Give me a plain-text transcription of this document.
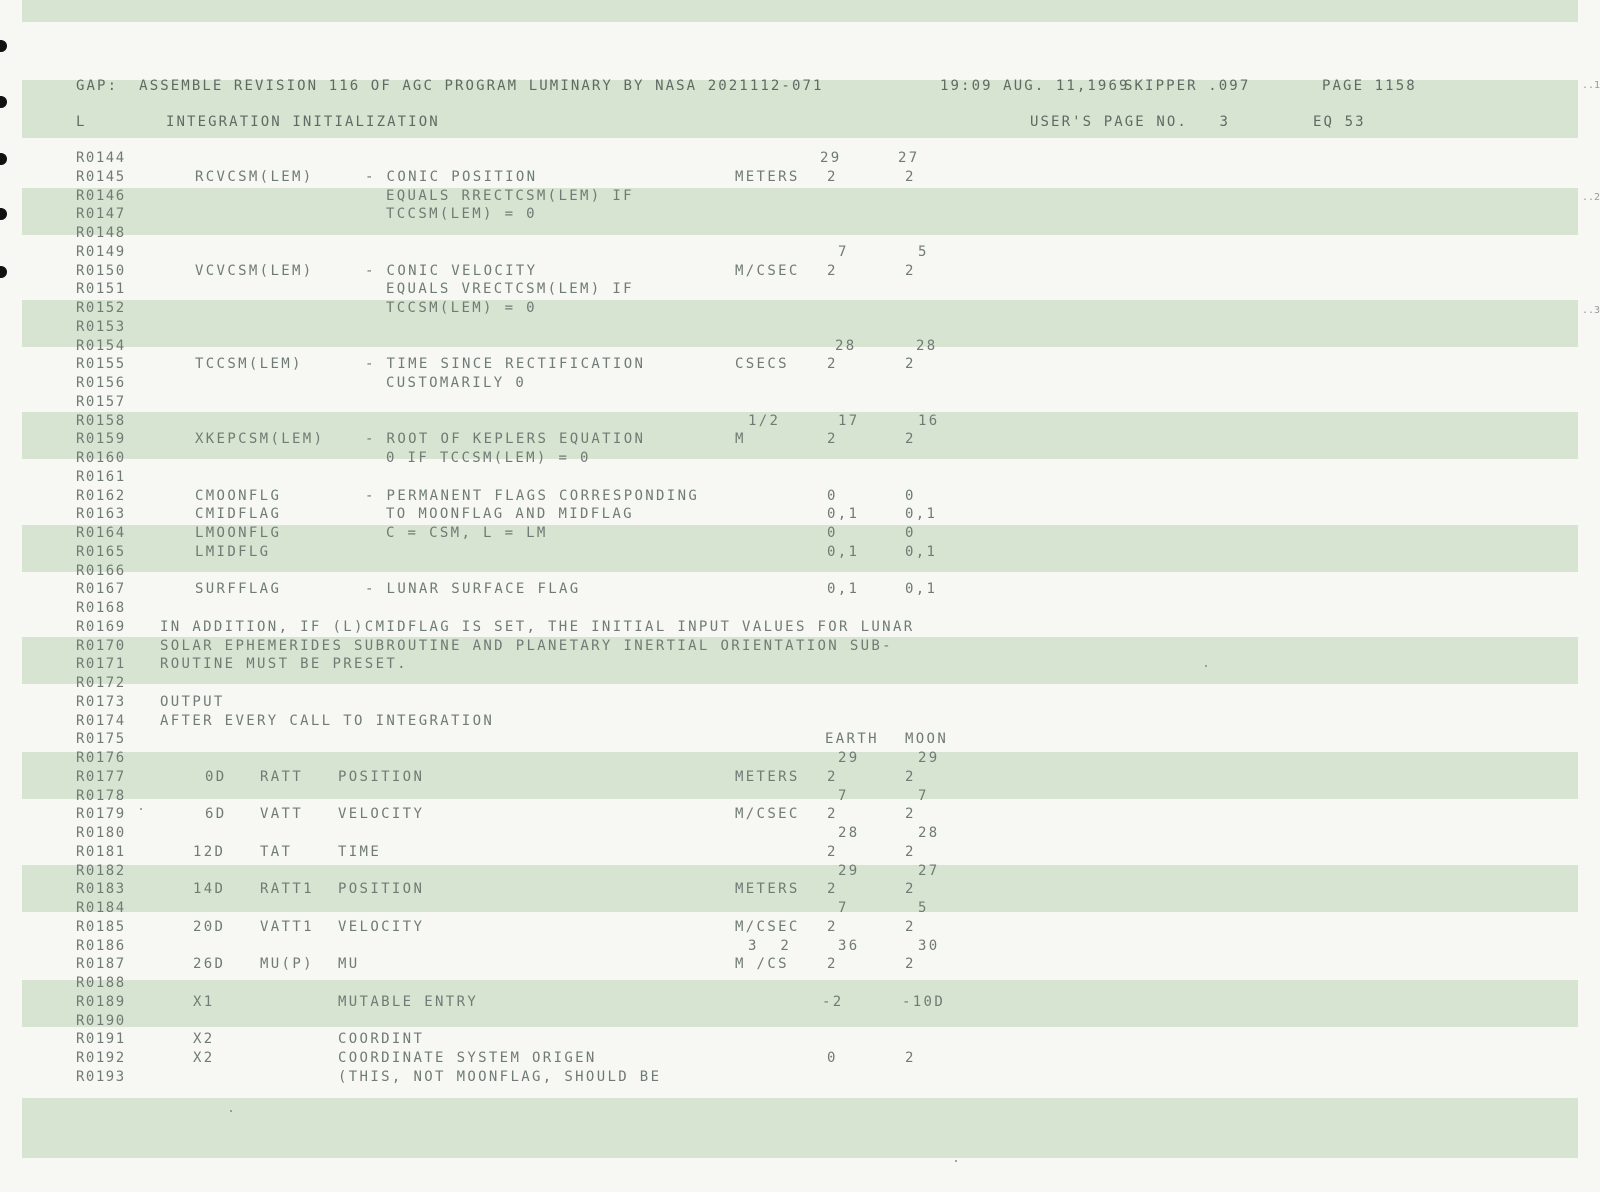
..1
..2
..3
GAP:  ASSEMBLE REVISION 116 OF AGC PROGRAM LUMINARY BY NASA 2021112-071	19:09 AUG. 11,1969
SKIPPER .097	PAGE 1158
L	INTEGRATION INITIALIZATION	USER'S PAGE NO.   3	EQ 53
R0144	29	27
R0145	RCVCSM(LEM)	- CONIC POSITION	METERS 2	2
R0146	EQUALS RRECTCSM(LEM) IF
R0147	TCCSM(LEM) = 0
R0148
R0149	7	5
R0150	VCVCSM(LEM)	- CONIC VELOCITY	M/CSEC 2	2
R0151	EQUALS VRECTCSM(LEM) IF
R0152	TCCSM(LEM) = 0
R0153
R0154	28	28
R0155	TCCSM(LEM)	- TIME SINCE RECTIFICATION	CSECS	2	2
R0156	CUSTOMARILY 0
R0157
R0158	1/2	17	16
R0159	XKEPCSM(LEM)	- ROOT OF KEPLERS EQUATION	M	2	2
R0160	0 IF TCCSM(LEM) = 0
R0161
R0162	CMOONFLG	- PERMANENT FLAGS CORRESPONDING	0	0
R0163	CMIDFLAG	TO MOONFLAG AND MIDFLAG	0,1	0,1
R0164	LMOONFLG	C = CSM, L = LM	0	0
R0165	LMIDFLG	0,1	0,1
R0166
R0167	SURFFLAG	- LUNAR SURFACE FLAG	0,1	0,1
R0168
R0169 IN ADDITION, IF (L)CMIDFLAG IS SET, THE INITIAL INPUT VALUES FOR LUNAR
R0170 SOLAR EPHEMERIDES SUBROUTINE AND PLANETARY INERTIAL ORIENTATION SUB-
R0171 ROUTINE MUST BE PRESET.
R0172
R0173 OUTPUT
R0174 AFTER EVERY CALL TO INTEGRATION
R0175	EARTH MOON
R0176	29	29
R0177	0D RATT POSITION	METERS 2	2
R0178	7	7
R0179	6D VATT VELOCITY	M/CSEC 2	2
R0180	28	28
R0181	12D TAT	TIME	2	2
R0182	29	27
R0183	14D RATT1 POSITION	METERS 2	2
R0184	7	5
R0185	20D VATT1 VELOCITY	M/CSEC 2	2
R0186	3  2	36	30
R0187	26D MU(P) MU	M /CS	2	2
R0188
R0189	X1	MUTABLE ENTRY	-2	-10D
R0190
R0191	X2	COORDINT
R0192	X2	COORDINATE SYSTEM ORIGEN	0	2
R0193	(THIS, NOT MOONFLAG, SHOULD BE
